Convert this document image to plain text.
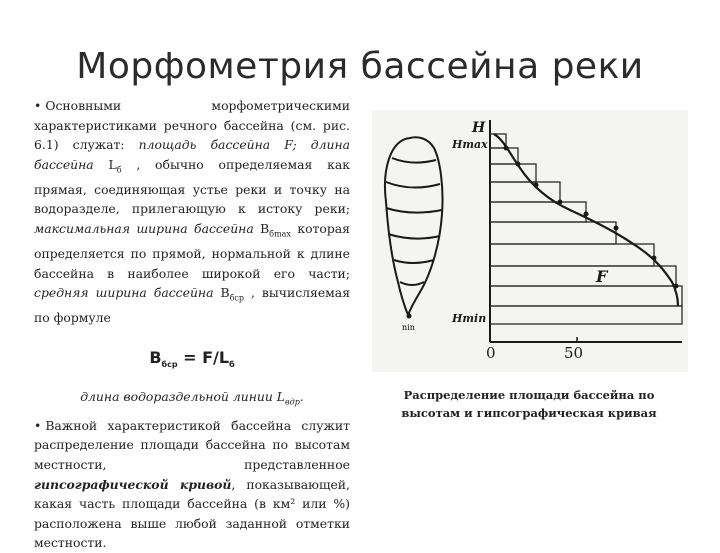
Морфометрия бассейна реки

• Основными морфометрическими характеристиками речного бассейна (см. рис. 6.1) служат: площадь бассейна F; длина бассейна $L_б$ , обычно определяемая как прямая, соединяющая устье реки и точку на водоразделе, прилегающую к истоку реки; максимальная ширина бассейна $B_{бmax}$ которая определяется по прямой, нормальной к длине бассейна в наиболее широкой его части; средняя ширина бассейна $B_{бср}$ , вычисляемая по формуле

$B_{бср} = F/L_б$
длина водораздельной линии $L_{вдр}$.

• Важной характеристикой бассейна служит распределение площади бассейна по высотам местности, представленное гипсографической кривой, показывающей, какая часть площади бассейна (в км² или %) расположена выше любой заданной отметки местности.

nin
H
Hmax
Hmin
F
0	50
Распределение площади бассейна по
высотам и гипсографическая кривая
